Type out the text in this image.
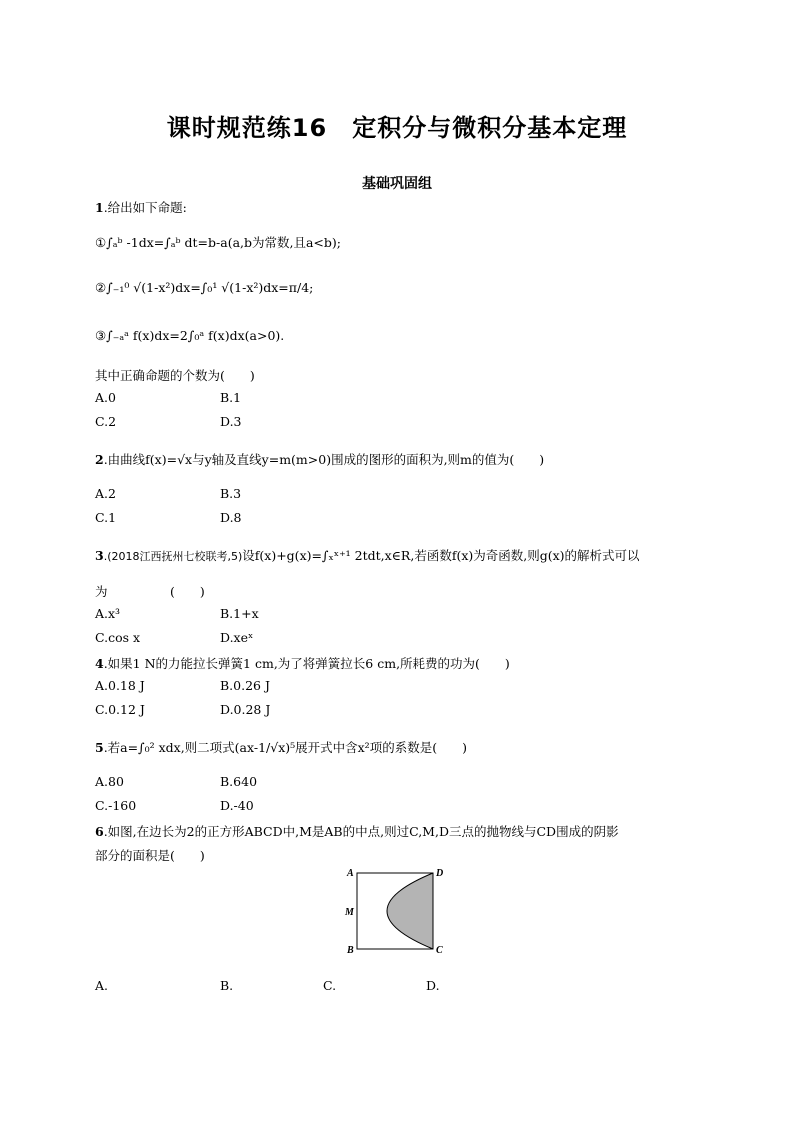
课时规范练16　定积分与微积分基本定理
基础巩固组
1.给出如下命题:
①∫ₐᵇ -1dx=∫ₐᵇ dt=b-a(a,b为常数,且a<b);
②∫₋₁⁰ √(1-x²)dx=∫₀¹ √(1-x²)dx=π/4;
③∫₋ₐᵃ f(x)dx=2∫₀ᵃ f(x)dx(a>0).
其中正确命题的个数为(　　)
A.0	B.1
C.2	D.3
2.由曲线f(x)=√x与y轴及直线y=m(m>0)围成的图形的面积为,则m的值为(　　)
A.2	B.3
C.1	D.8
3.(2018江西抚州七校联考,5)设f(x)+g(x)=∫ₓˣ⁺¹ 2tdt,x∈R,若函数f(x)为奇函数,则g(x)的解析式可以
为　　　　　(　　)
A.x³	B.1+x
C.cos x	D.xeˣ
4.如果1 N的力能拉长弹簧1 cm,为了将弹簧拉长6 cm,所耗费的功为(　　)
A.0.18 J	B.0.26 J
C.0.12 J	D.0.28 J
5.若a=∫₀² xdx,则二项式(ax-1/√x)⁵展开式中含x²项的系数是(　　)
A.80	B.640
C.-160	D.-40
6.如图,在边长为2的正方形ABCD中,M是AB的中点,则过C,M,D三点的抛物线与CD围成的阴影
部分的面积是(　　)
A	D
M
B	C
A.	B.	C.	D.
